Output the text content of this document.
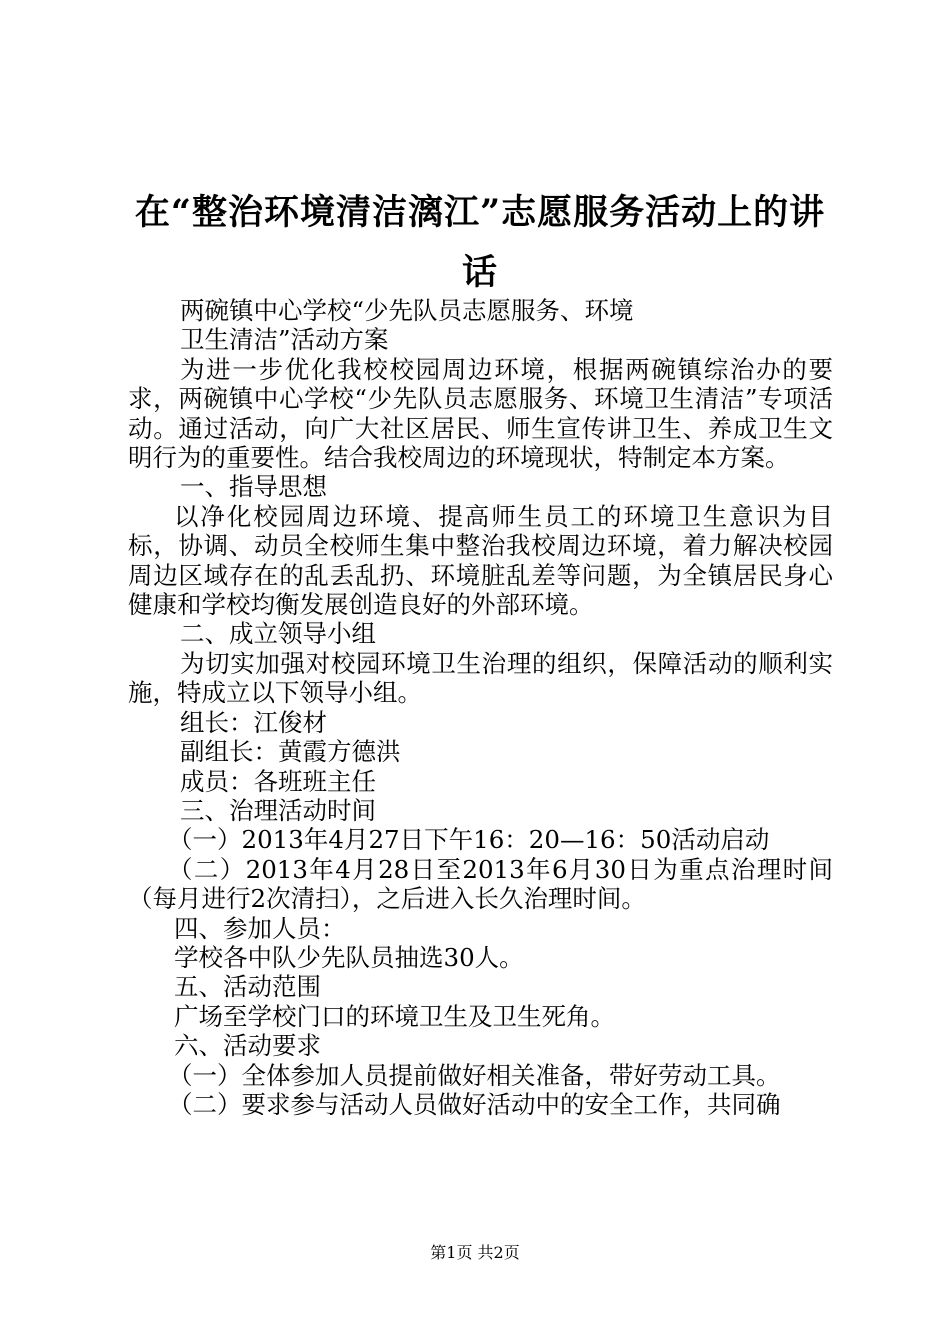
在“整治环境清洁漓江”志愿服务活动上的讲话

两碗镇中心学校“少先队员志愿服务、环境

卫生清洁”活动方案

为进一步优化我校校园周边环境，根据两碗镇综治办的要求，两碗镇中心学校“少先队员志愿服务、环境卫生清洁”专项活动。通过活动，向广大社区居民、师生宣传讲卫生、养成卫生文明行为的重要性。结合我校周边的环境现状，特制定本方案。

一、指导思想

以净化校园周边环境、提高师生员工的环境卫生意识为目标，协调、动员全校师生集中整治我校周边环境，着力解决校园周边区域存在的乱丢乱扔、环境脏乱差等问题，为全镇居民身心健康和学校均衡发展创造良好的外部环境。

二、成立领导小组

为切实加强对校园环境卫生治理的组织，保障活动的顺利实施，特成立以下领导小组。

组长：江俊材

副组长：黄霞方德洪

成员：各班班主任

三、治理活动时间

（一）2013年4月27日下午16：20—16：50活动启动

（二）2013年4月28日至2013年6月30日为重点治理时间（每月进行2次清扫），之后进入长久治理时间。

四、参加人员：

学校各中队少先队员抽选30人。

五、活动范围

广场至学校门口的环境卫生及卫生死角。

六、活动要求

（一）全体参加人员提前做好相关准备，带好劳动工具。

（二）要求参与活动人员做好活动中的安全工作，共同确

第1页 共2页
